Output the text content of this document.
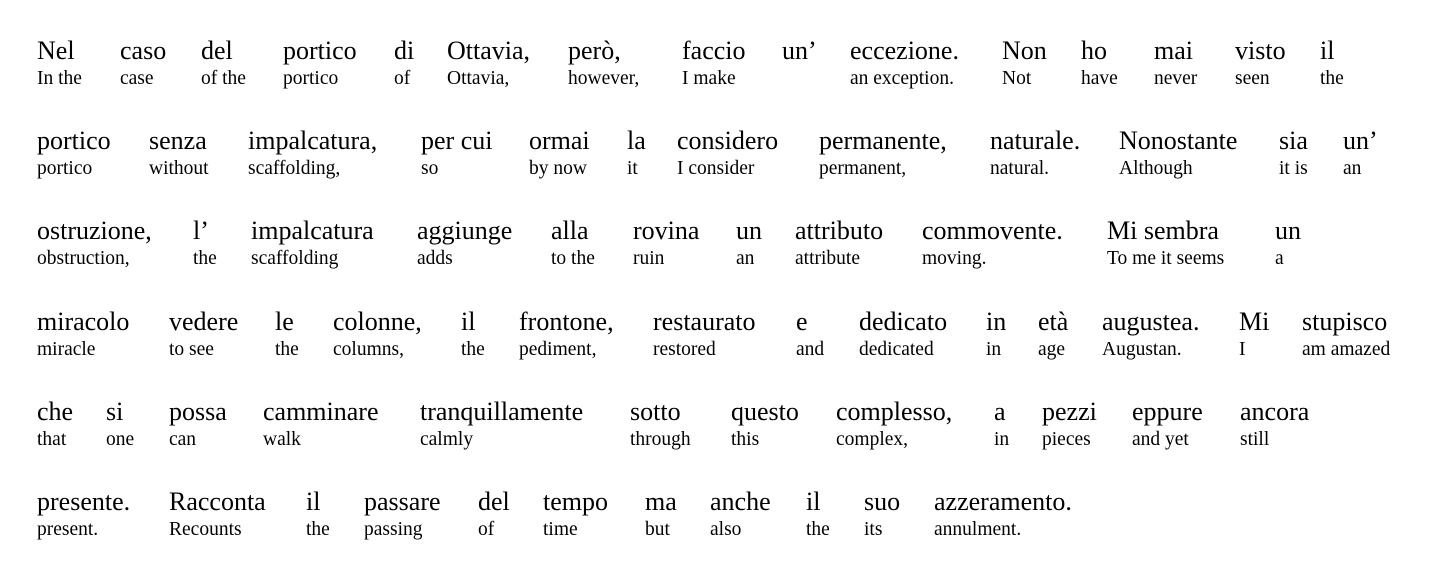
Nel
In the
caso
case
del
of the
portico
portico
di
of
Ottavia,
Ottavia,
però,
however,
faccio
I make
un’ eccezione.
an exception.
Non
Not
ho
have
mai
never
visto
seen
il
the
portico
portico
senza
without
impalcatura,
scaffolding,
per cui
so
ormai
by now
la
it
considero
I consider
permanente,
permanent,
naturale.
natural.
Nonostante
Although
sia
it is
un’
an
ostruzione,
obstruction,
l’
the
impalcatura
scaffolding
aggiunge
adds
alla
to the
rovina
ruin
un
an
attributo
attribute
commovente.
moving.
Mi sembra
To me it seems
un
a
miracolo
miracle
vedere
to see
le
the
colonne,
columns,
il
the
frontone,
pediment,
restaurato
restored
e
and
dedicato
dedicated
in
in
età
age
augustea.
Augustan.
Mi
I
stupisco
am amazed
che
that
si
one
possa
can
camminare
walk
tranquillamente
calmly
sotto
through
questo
this
complesso,
complex,
a
in
pezzi
pieces
eppure
and yet
ancora
still
presente.
present.
Racconta
Recounts
il
the
passare
passing
del
of
tempo
time
ma
but
anche
also
il
the
suo
its
azzeramento.
annulment.
